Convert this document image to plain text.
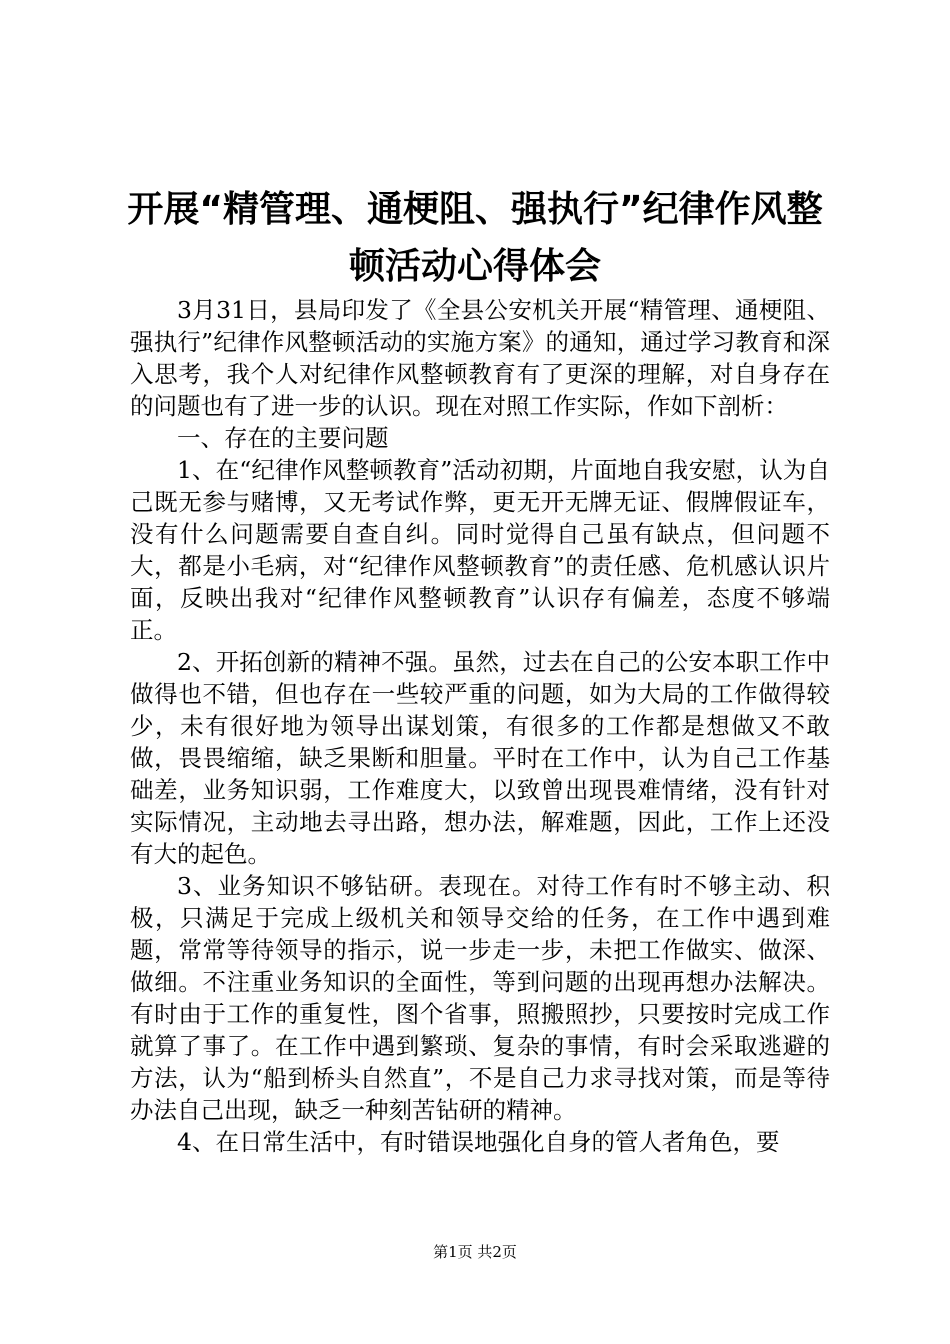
开展“精管理、通梗阻、强执行”纪律作风整
顿活动心得体会

3月31日，县局印发了《全县公安机关开展“精管理、通梗阻、强执行”纪律作风整顿活动的实施方案》的通知，通过学习教育和深入思考，我个人对纪律作风整顿教育有了更深的理解，对自身存在的问题也有了进一步的认识。现在对照工作实际，作如下剖析：

一、存在的主要问题

1、在“纪律作风整顿教育”活动初期，片面地自我安慰，认为自己既无参与赌博，又无考试作弊，更无开无牌无证、假牌假证车，没有什么问题需要自查自纠。同时觉得自己虽有缺点，但问题不大，都是小毛病，对“纪律作风整顿教育”的责任感、危机感认识片面，反映出我对“纪律作风整顿教育”认识存有偏差，态度不够端正。

2、开拓创新的精神不强。虽然，过去在自己的公安本职工作中做得也不错，但也存在一些较严重的问题，如为大局的工作做得较少，未有很好地为领导出谋划策，有很多的工作都是想做又不敢做，畏畏缩缩，缺乏果断和胆量。平时在工作中，认为自己工作基础差，业务知识弱，工作难度大，以致曾出现畏难情绪，没有针对实际情况，主动地去寻出路，想办法，解难题，因此，工作上还没有大的起色。

3、业务知识不够钻研。表现在。对待工作有时不够主动、积极，只满足于完成上级机关和领导交给的任务，在工作中遇到难题，常常等待领导的指示，说一步走一步，未把工作做实、做深、做细。不注重业务知识的全面性，等到问题的出现再想办法解决。有时由于工作的重复性，图个省事，照搬照抄，只要按时完成工作就算了事了。在工作中遇到繁琐、复杂的事情，有时会采取逃避的方法，认为“船到桥头自然直”，不是自己力求寻找对策，而是等待办法自己出现，缺乏一种刻苦钻研的精神。

4、在日常生活中，有时错误地强化自身的管人者角色，要

第1页 共2页
